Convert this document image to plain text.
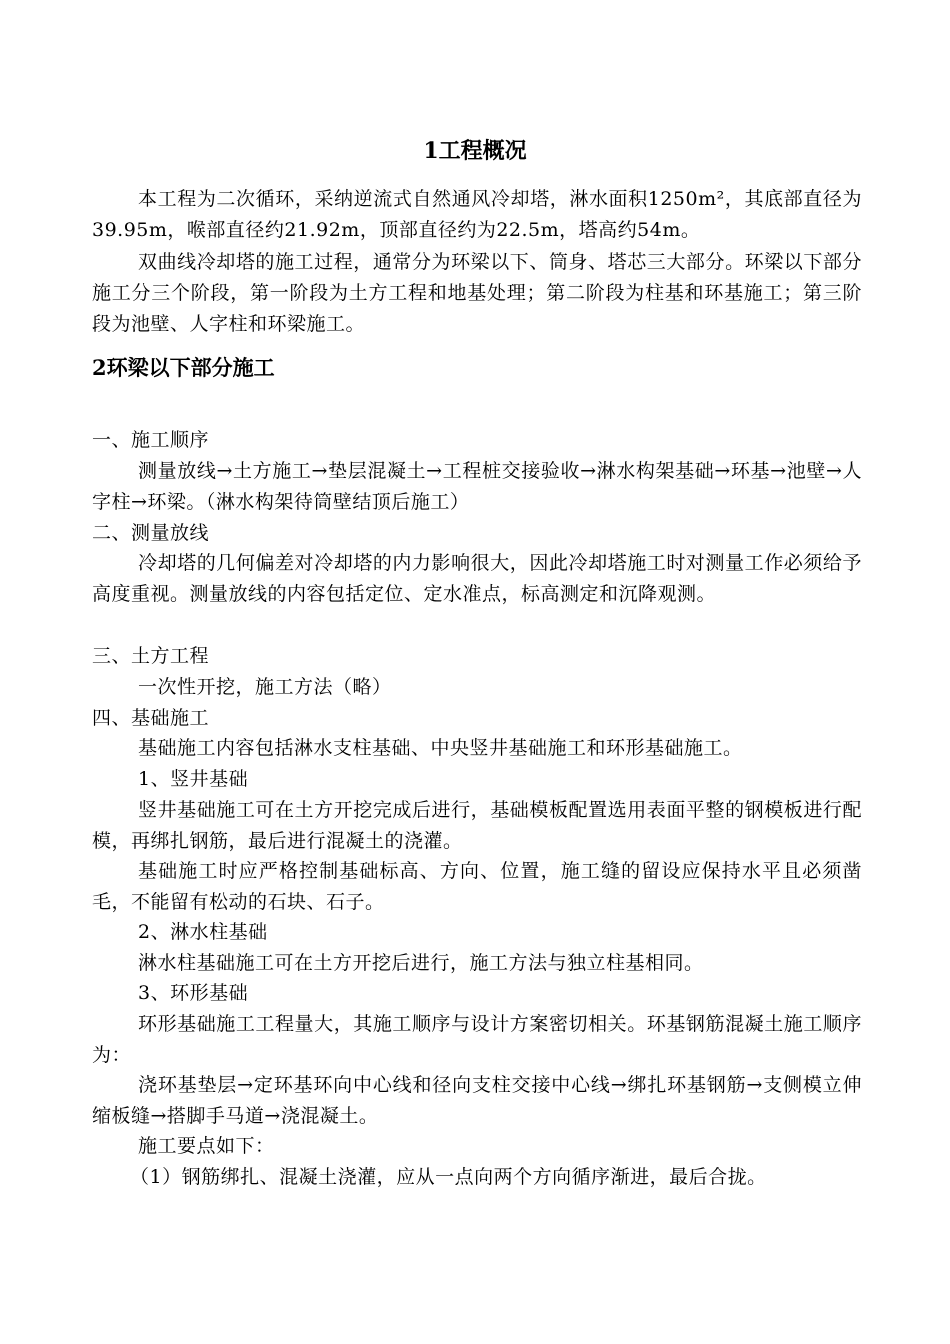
1工程概况
本工程为二次循环，采纳逆流式自然通风冷却塔，淋水面积1250m²，其底部直径为39.95m，喉部直径约21.92m，顶部直径约为22.5m，塔高约54m。
双曲线冷却塔的施工过程，通常分为环梁以下、筒身、塔芯三大部分。环梁以下部分施工分三个阶段，第一阶段为土方工程和地基处理；第二阶段为柱基和环基施工；第三阶段为池壁、人字柱和环梁施工。
2环梁以下部分施工
一、施工顺序
测量放线→土方施工→垫层混凝土→工程桩交接验收→淋水构架基础→环基→池壁→人字柱→环梁。（淋水构架待筒壁结顶后施工）
二、测量放线
冷却塔的几何偏差对冷却塔的内力影响很大，因此冷却塔施工时对测量工作必须给予高度重视。测量放线的内容包括定位、定水准点，标高测定和沉降观测。
三、土方工程
一次性开挖，施工方法（略）
四、基础施工
基础施工内容包括淋水支柱基础、中央竖井基础施工和环形基础施工。
1、竖井基础
竖井基础施工可在土方开挖完成后进行，基础模板配置选用表面平整的钢模板进行配模，再绑扎钢筋，最后进行混凝土的浇灌。
基础施工时应严格控制基础标高、方向、位置，施工缝的留设应保持水平且必须凿毛，不能留有松动的石块、石子。
2、淋水柱基础
淋水柱基础施工可在土方开挖后进行，施工方法与独立柱基相同。
3、环形基础
环形基础施工工程量大，其施工顺序与设计方案密切相关。环基钢筋混凝土施工顺序为：
浇环基垫层→定环基环向中心线和径向支柱交接中心线→绑扎环基钢筋→支侧模立伸缩板缝→搭脚手马道→浇混凝土。
施工要点如下：
（1）钢筋绑扎、混凝土浇灌，应从一点向两个方向循序渐进，最后合拢。
